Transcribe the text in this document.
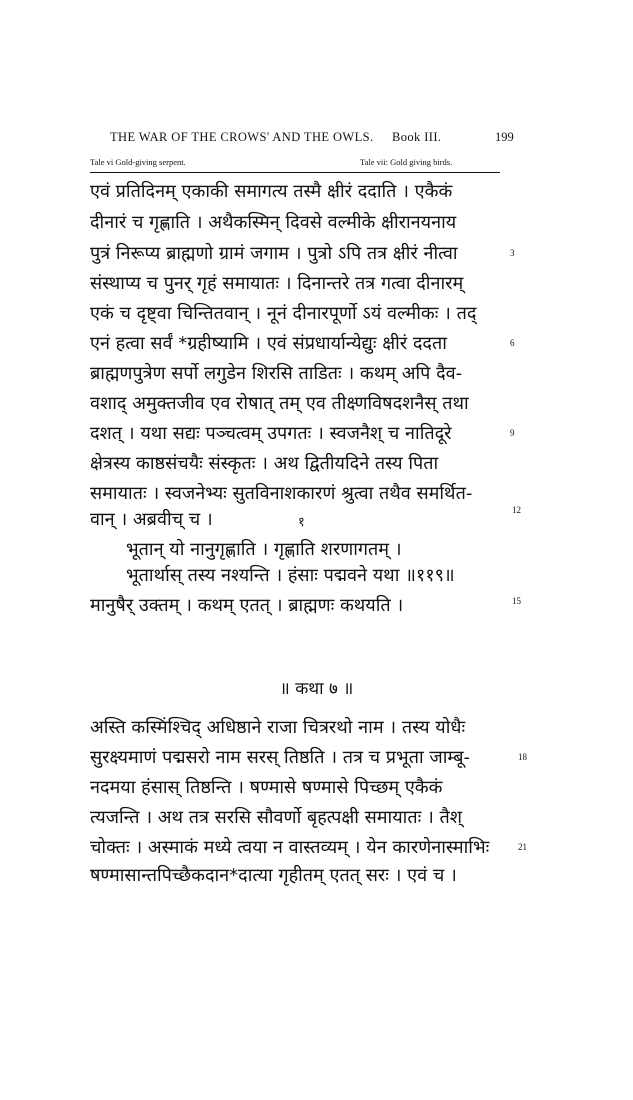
THE WAR OF THE CROWS' AND THE OWLS. Book III.	199
Tale vi Gold-giving serpent.	Tale vii: Gold giving birds.
एवं प्रतिदिनम् एकाकी समागत्य तस्मै क्षीरं ददाति । एकैकं
दीनारं च गृह्णाति । अथैकस्मिन् दिवसे वल्मीके क्षीरानयनाय
पुत्रं निरूप्य ब्राह्मणो ग्रामं जगाम । पुत्रो ऽपि तत्र क्षीरं नीत्वा
संस्थाप्य च पुनर् गृहं समायातः । दिनान्तरे तत्र गत्वा दीनारम्
एकं च दृष्ट्वा चिन्तितवान् । नूनं दीनारपूर्णो ऽयं वल्मीकः । तद्
एनं हत्वा सर्वं *ग्रहीष्यामि । एवं संप्रधार्यान्येद्युः क्षीरं ददता
ब्राह्मणपुत्रेण सर्पो लगुडेन शिरसि ताडितः । कथम् अपि दैव-
वशाद् अमुक्तजीव एव रोषात् तम् एव तीक्ष्णविषदशनैस् तथा
दशत् । यथा सद्यः पञ्चत्वम् उपगतः । स्वजनैश् च नातिदूरे
क्षेत्रस्य काष्ठसंचयैः संस्कृतः । अथ द्वितीयदिने तस्य पिता
समायातः । स्वजनेभ्यः सुतविनाशकारणं श्रुत्वा तथैव समर्थित-
वान् । अब्रवीच् च ।	१
भूतान् यो नानुगृह्णाति । गृह्णाति शरणागतम् ।
भूतार्थास् तस्य नश्यन्ति । हंसाः पद्मवने यथा ॥११९॥
मानुषैर् उक्तम् । कथम् एतत् । ब्राह्मणः कथयति ।
॥ कथा ७ ॥
अस्ति कस्मिंश्चिद् अधिष्ठाने राजा चित्ररथो नाम । तस्य योधैः
सुरक्ष्यमाणं पद्मसरो नाम सरस् तिष्ठति । तत्र च प्रभूता जाम्बू-
नदमया हंसास् तिष्ठन्ति । षण्मासे षण्मासे पिच्छम् एकैकं
त्यजन्ति । अथ तत्र सरसि सौवर्णो बृहत्पक्षी समायातः । तैश्
चोक्तः । अस्माकं मध्ये त्वया न वास्तव्यम् । येन कारणेनास्माभिः
षण्मासान्तपिच्छैकदान*दात्या गृहीतम् एतत् सरः । एवं च ।
3
6
9
12
15
18
21
